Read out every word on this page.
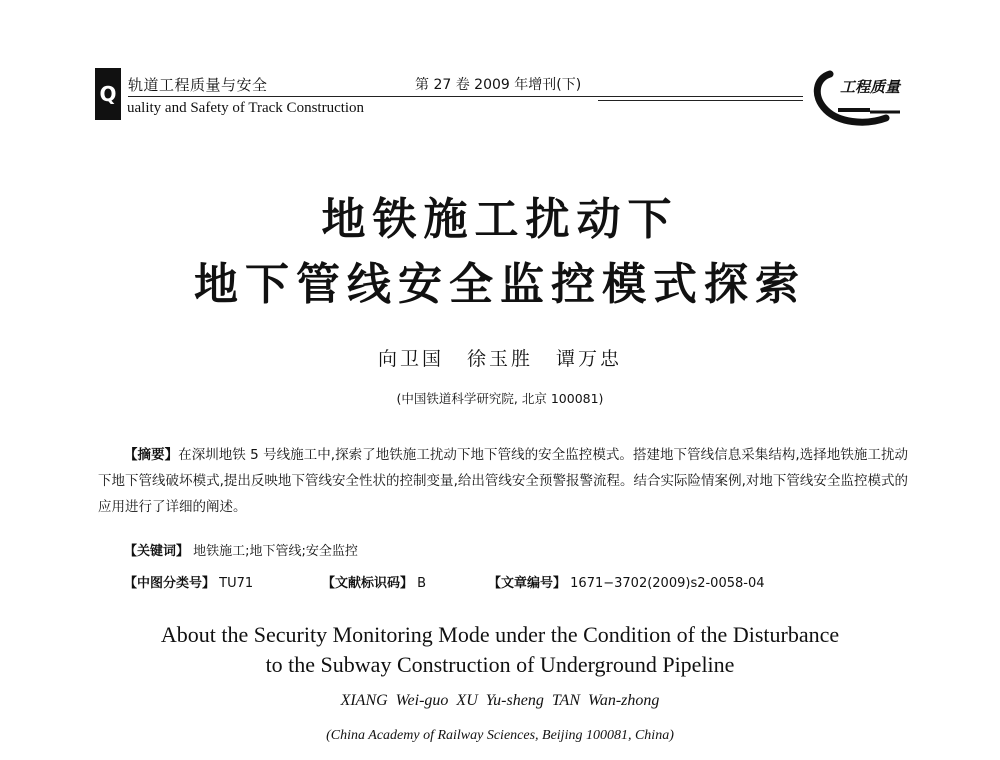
Q 轨道工程质量与安全
uality and Safety of Track Construction
第 27 卷 2009 年增刊(下)	工程质量
地铁施工扰动下
地下管线安全监控模式探索
向卫国 徐玉胜 谭万忠
(中国铁道科学研究院, 北京 100081)
【摘要】在深圳地铁 5 号线施工中,探索了地铁施工扰动下地下管线的安全监控模式。搭建地下管线信息采集结构,选择地铁施工扰动下地下管线破坏模式,提出反映地下管线安全性状的控制变量,给出管线安全预警报警流程。结合实际险情案例,对地下管线安全监控模式的应用进行了详细的阐述。
【关键词】 地铁施工;地下管线;安全监控
【中图分类号】 TU71	【文献标识码】 B	【文章编号】 1671−3702(2009)s2-0058-04
About the Security Monitoring Mode under the Condition of the Disturbance
to the Subway Construction of Underground Pipeline
XIANG Wei-guo XU Yu-sheng TAN Wan-zhong
(China Academy of Railway Sciences, Beijing 100081, China)
